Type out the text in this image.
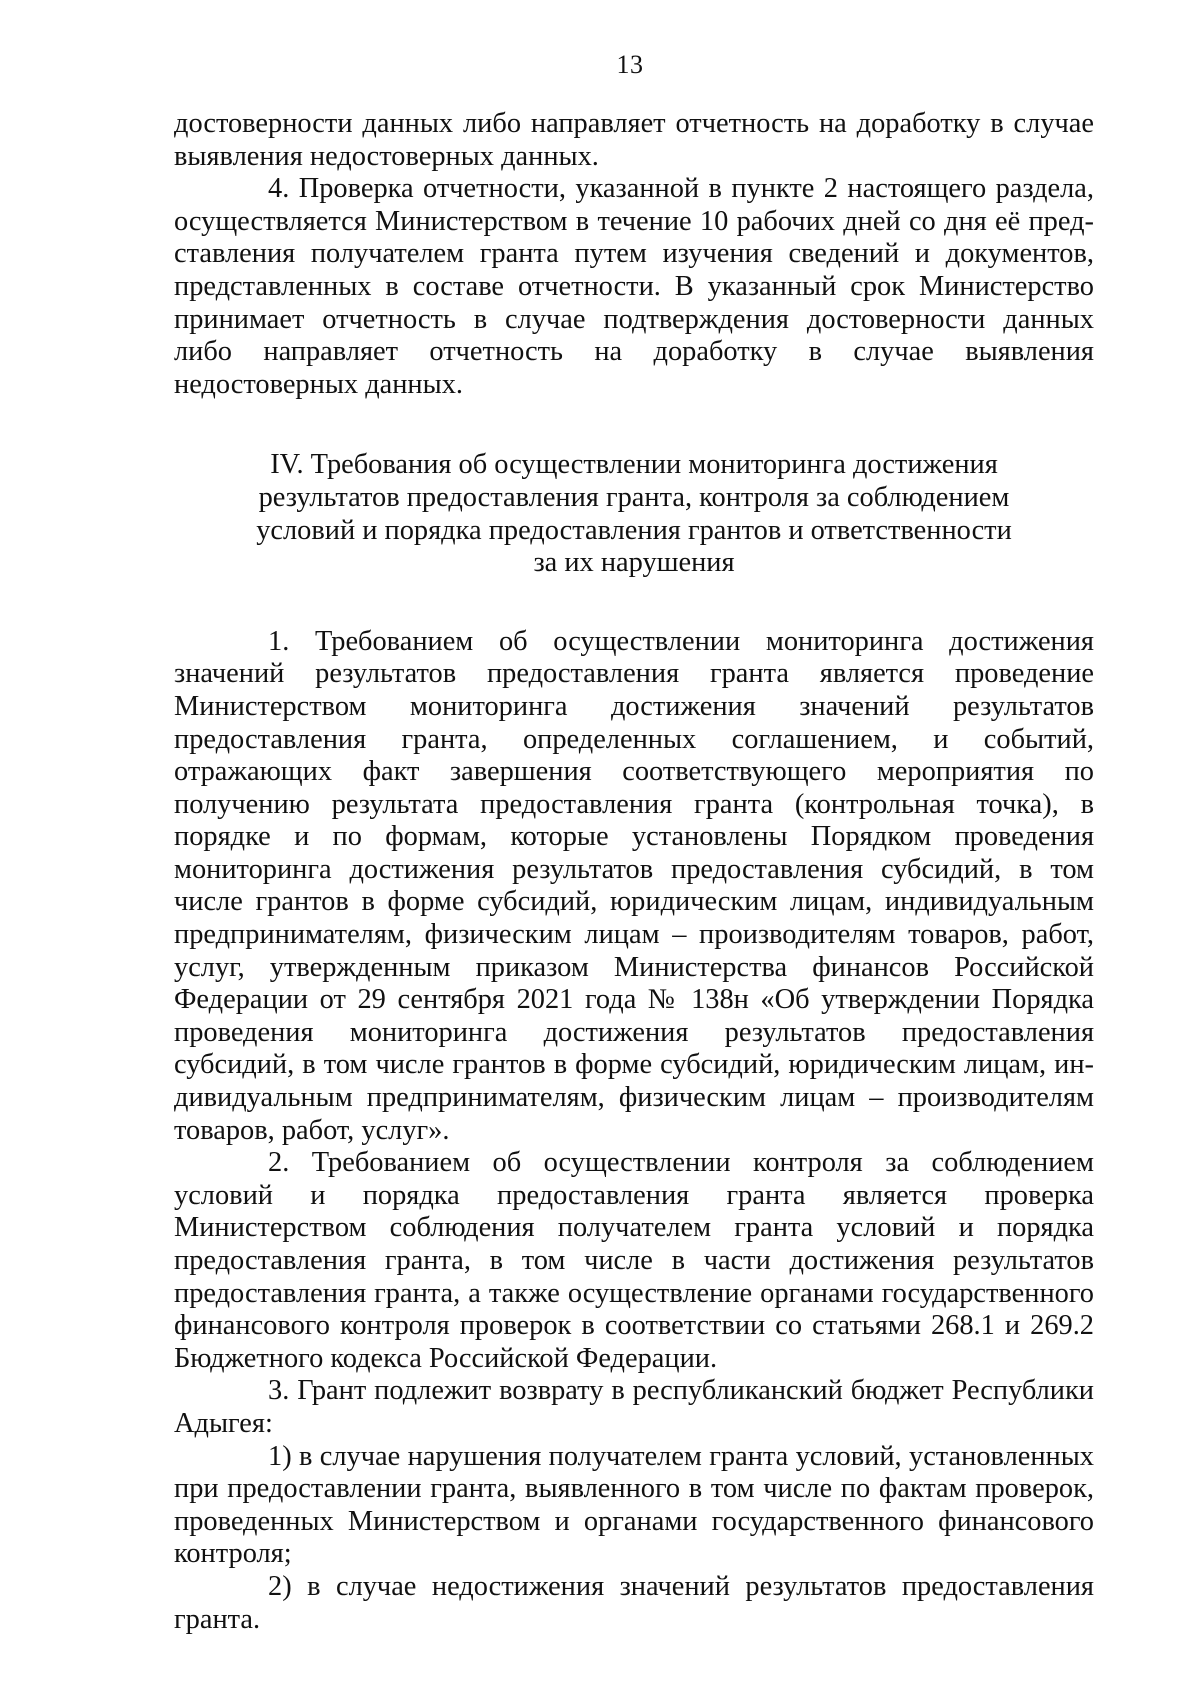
13

достоверности данных либо направляет отчетность на доработку в случае выявления недостоверных данных.

4. Проверка отчетности, указанной в пункте 2 настоящего раздела, осуществляется Министерством в течение 10 рабочих дней со дня её представления получателем гранта путем изучения сведений и документов, представленных в составе отчетности. В указанный срок Министерство принимает отчетность в случае подтверждения достоверности данных либо направляет отчетность на доработку в случае выявления недостоверных данных.

IV. Требования об осуществлении мониторинга достижения
результатов предоставления гранта, контроля за соблюдением
условий и порядка предоставления грантов и ответственности
за их нарушения

1. Требованием об осуществлении мониторинга достижения значений результатов предоставления гранта является проведение Министерством мониторинга достижения значений результатов предоставления гранта, определенных соглашением, и событий, отражающих факт завершения соответствующего мероприятия по получению результата предоставления гранта (контрольная точка), в порядке и по формам, которые установлены Порядком проведения мониторинга достижения результатов предоставления субсидий, в том числе грантов в форме субсидий, юридическим лицам, индивидуальным предпринимателям, физическим лицам – производителям товаров, работ, услуг, утвержденным приказом Министерства финансов Российской Федерации от 29 сентября 2021 года № 138н «Об утверждении Порядка проведения мониторинга достижения результатов предоставления субсидий, в том числе грантов в форме субсидий, юридическим лицам, индивидуальным предпринимателям, физическим лицам – производителям товаров, работ, услуг».

2. Требованием об осуществлении контроля за соблюдением условий и порядка предоставления гранта является проверка Министерством соблюдения получателем гранта условий и порядка предоставления гранта, в том числе в части достижения результатов предоставления гранта, а также осуществление органами государственного финансового контроля проверок в соответствии со статьями 268.1 и 269.2 Бюджетного кодекса Российской Федерации.

3. Грант подлежит возврату в республиканский бюджет Республики Адыгея:

1) в случае нарушения получателем гранта условий, установленных при предоставлении гранта, выявленного в том числе по фактам проверок, проведенных Министерством и органами государственного финансового контроля;

2) в случае недостижения значений результатов предоставления гранта.
